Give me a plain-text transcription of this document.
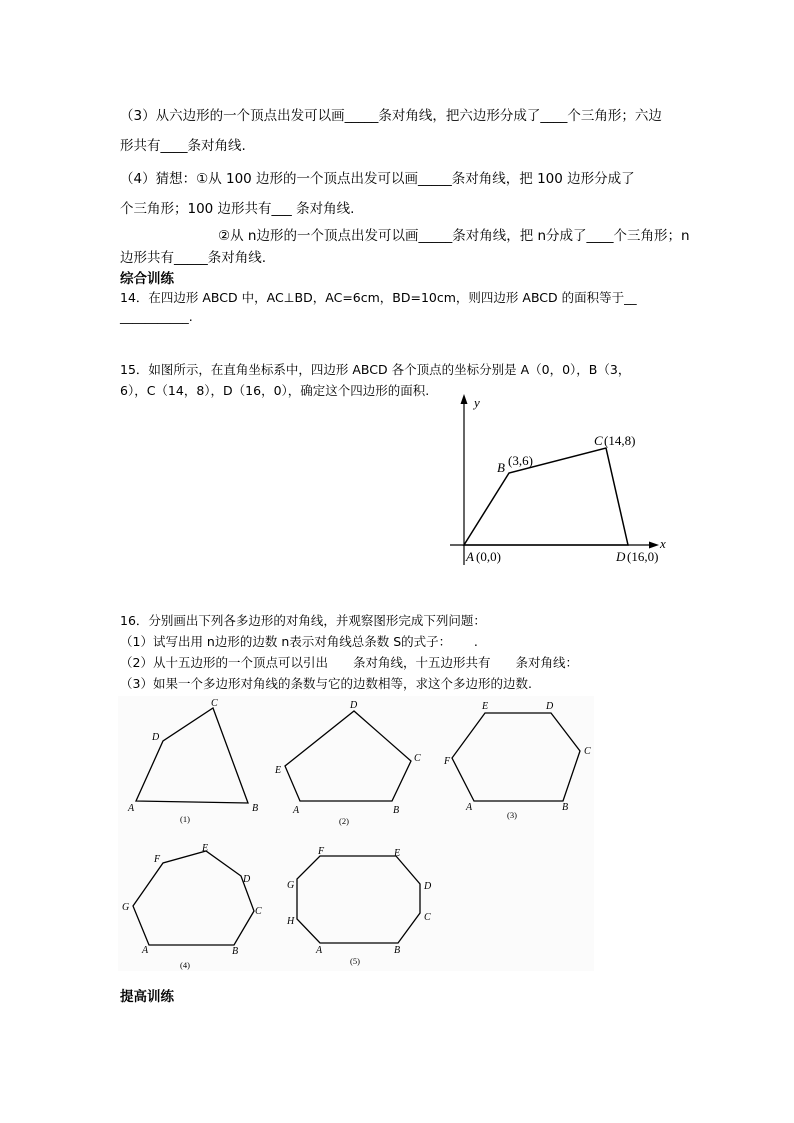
（3）从六边形的一个顶点出发可以画_____条对角线，把六边形分成了____个三角形；六边
形共有____条对角线.
（4）猜想：①从 100 边形的一个顶点出发可以画_____条对角线，把 100 边形分成了
个三角形；100 边形共有___ 条对角线.
②从 n边形的一个顶点出发可以画_____条对角线，把 n分成了____个三角形；n
边形共有_____条对角线.
综合训练
14．在四边形 ABCD 中，AC⊥BD，AC=6cm，BD=10cm，则四边形 ABCD 的面积等于__
___________.
15．如图所示，在直角坐标系中，四边形 ABCD 各个顶点的坐标分别是 A（0，0），B（3，
6），C（14，8），D（16，0），确定这个四边形的面积.
y
x
A (0,0)
B (3,6)
C (14,8)
D (16,0)
16．分别画出下列各多边形的对角线，并观察图形完成下列问题：
（1）试写出用 n边形的边数 n表示对角线总条数 S的式子：　　 .
（2）从十五边形的一个顶点可以引出　　条对角线，十五边形共有　　条对角线：
（3）如果一个多边形对角线的条数与它的边数相等，求这个多边形的边数.
A	B
C
D
A	B
C
D
E
A	B
C
D
E
F
A	B
C
D
E
F
G
A	B
C
D
E
F
G
H
(1)	(2)
(3)
(4)	(5)
提高训练
